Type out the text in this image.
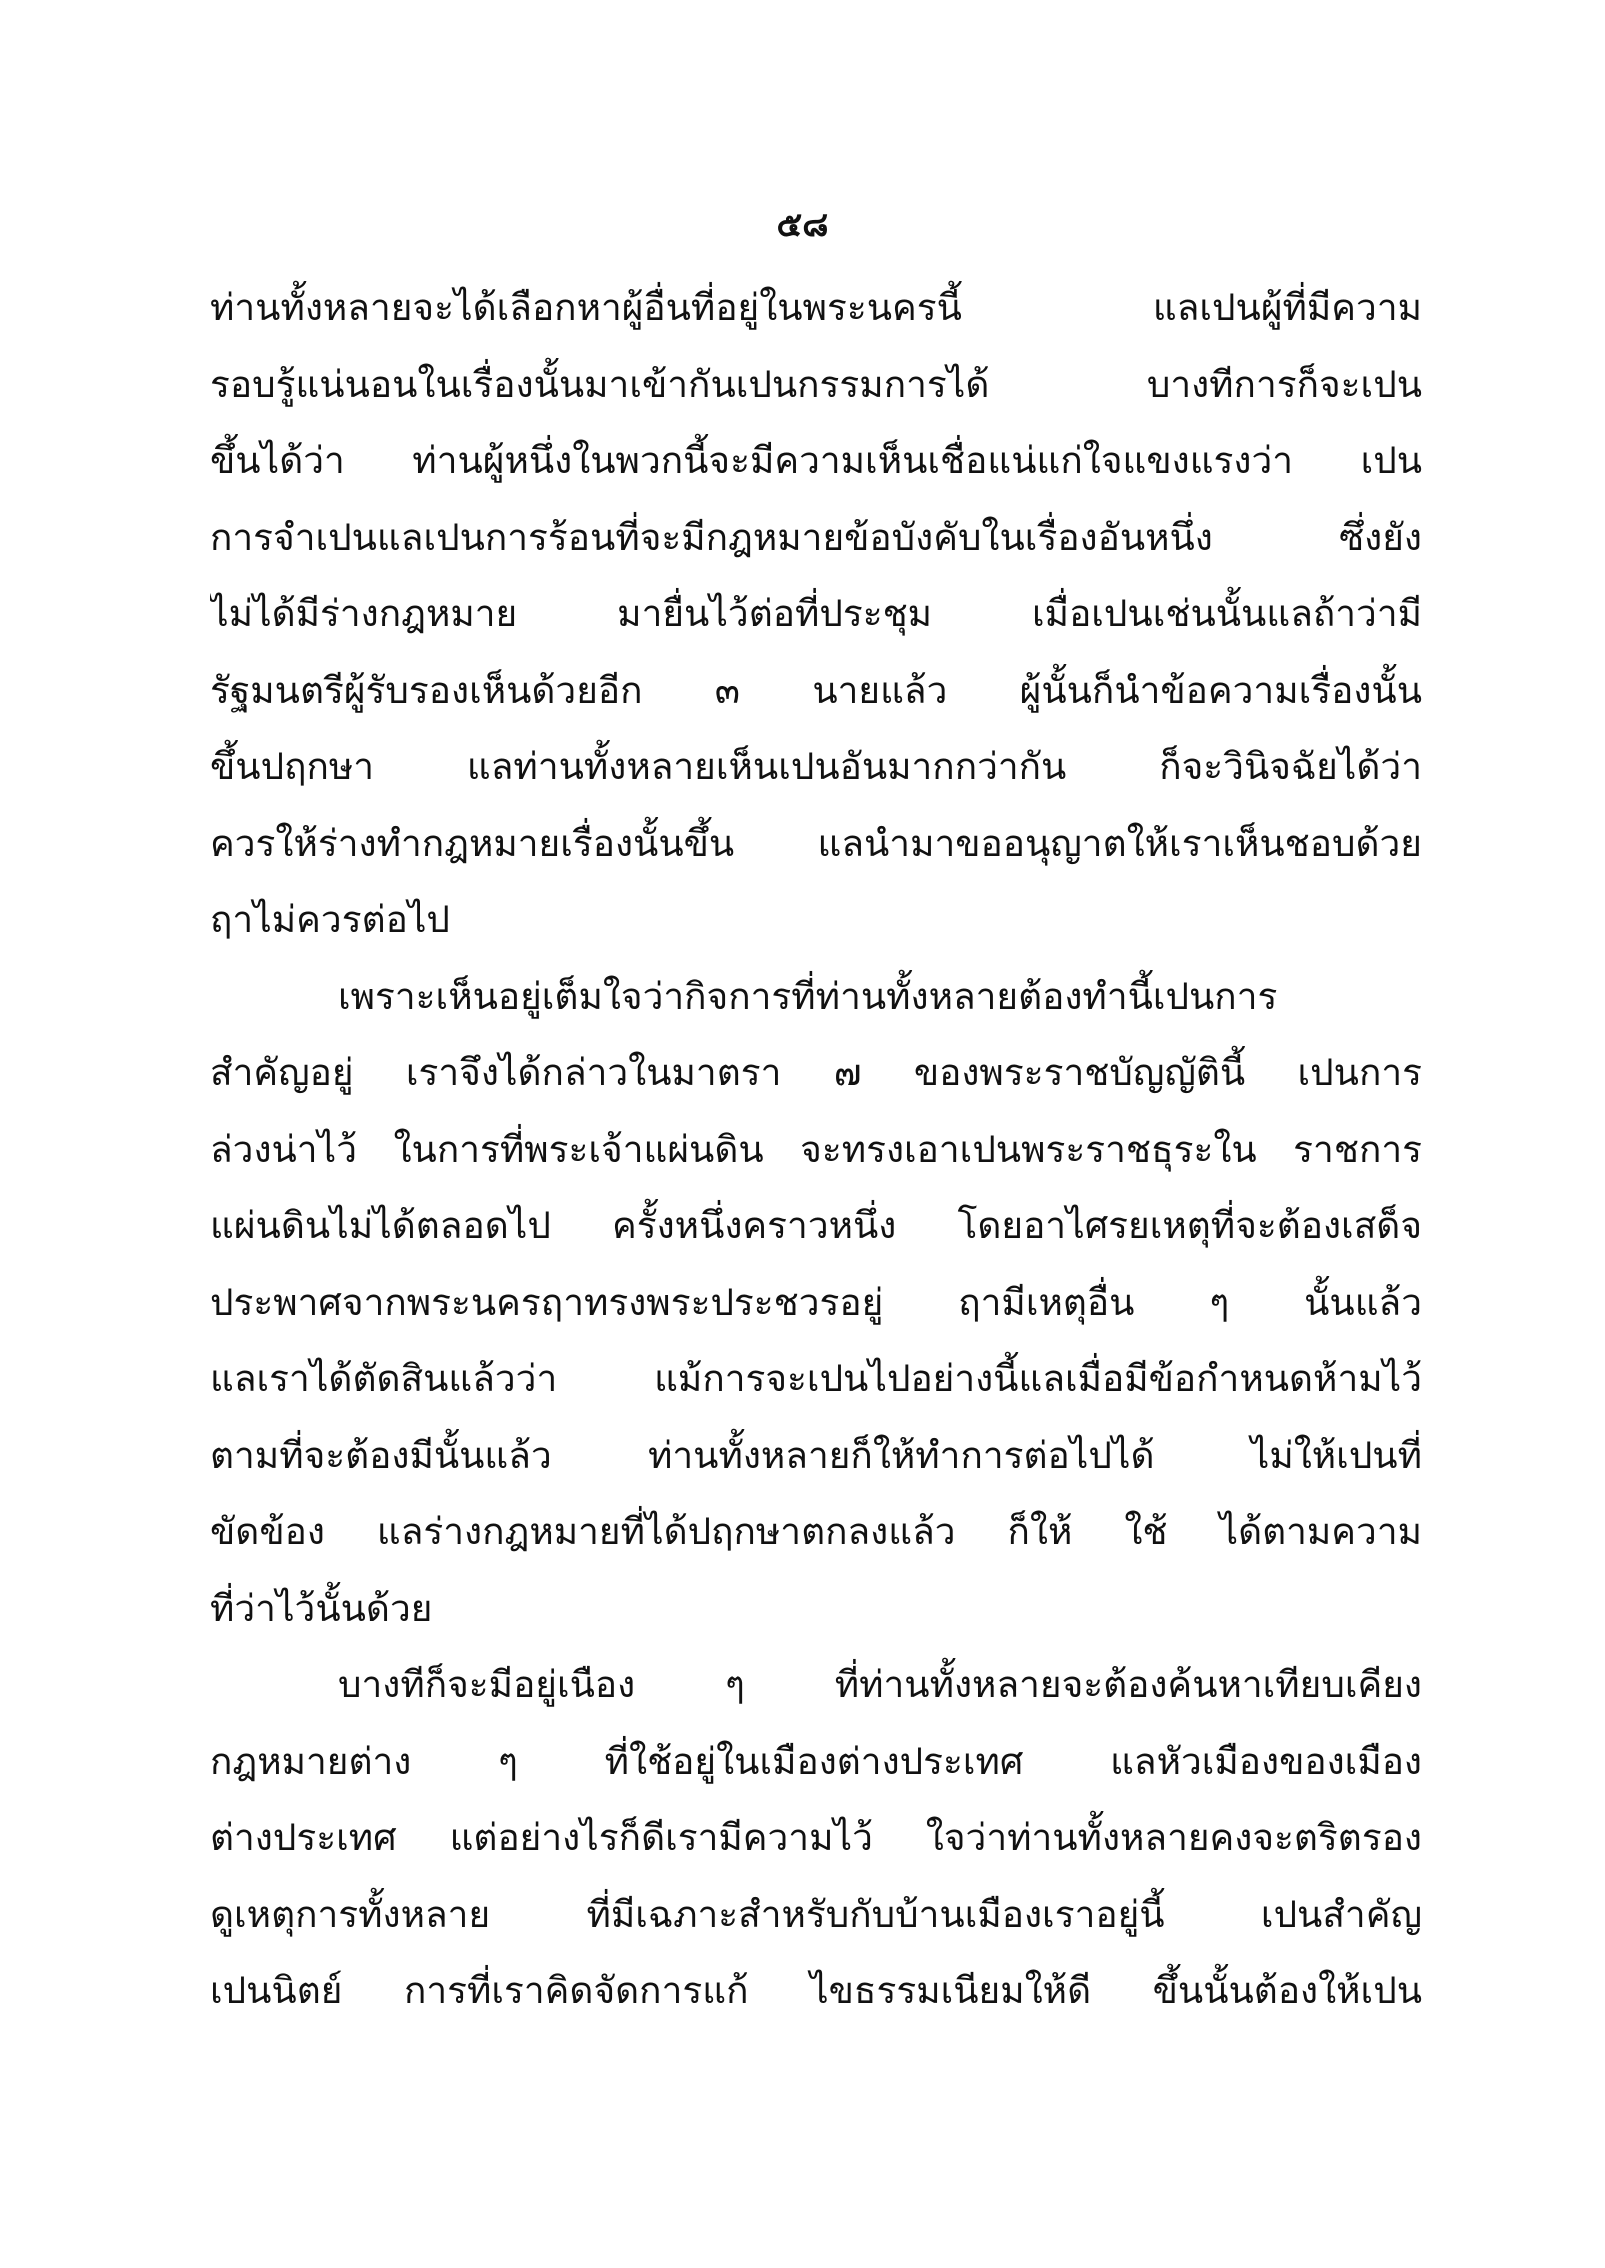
๕๘
ท่านทั้งหลายจะได้เลือกหาผู้อื่นที่อยู่ในพระนครนี้ แลเปนผู้ที่มีความ
รอบรู้แน่นอนในเรื่องนั้นมาเข้ากันเปนกรรมการได้ บางทีการก็จะเปน
ขึ้นได้ว่า ท่านผู้หนึ่งในพวกนี้จะมีความเห็นเชื่อแน่แก่ใจแขงแรงว่า เปน
การจำเปนแลเปนการร้อนที่จะมีกฎหมายข้อบังคับในเรื่องอันหนึ่ง ซึ่งยัง
ไม่ได้มีร่างกฎหมาย มายื่นไว้ต่อที่ประชุม เมื่อเปนเช่นนั้นแลถ้าว่ามี
รัฐมนตรีผู้รับรองเห็นด้วยอีก ๓ นายแล้ว ผู้นั้นก็นำข้อความเรื่องนั้น
ขึ้นปฤกษา แลท่านทั้งหลายเห็นเปนอันมากกว่ากัน ก็จะวินิจฉัยได้ว่า
ควรให้ร่างทำกฎหมายเรื่องนั้นขึ้น แลนำมาขออนุญาตให้เราเห็นชอบด้วย
ฤาไม่ควรต่อไป
เพราะเห็นอยู่เต็มใจว่ากิจการที่ท่านทั้งหลายต้องทำนี้เปนการ
สำคัญอยู่ เราจึงได้กล่าวในมาตรา ๗ ของพระราชบัญญัตินี้ เปนการ
ล่วงน่าไว้ ในการที่พระเจ้าแผ่นดิน จะทรงเอาเปนพระราชธุระใน ราชการ
แผ่นดินไม่ได้ตลอดไป ครั้งหนึ่งคราวหนึ่ง โดยอาไศรยเหตุที่จะต้องเสด็จ
ประพาศจากพระนครฤาทรงพระประชวรอยู่ ฤามีเหตุอื่น ๆ นั้นแล้ว
แลเราได้ตัดสินแล้วว่า แม้การจะเปนไปอย่างนี้แลเมื่อมีข้อกำหนดห้ามไว้
ตามที่จะต้องมีนั้นแล้ว ท่านทั้งหลายก็ให้ทำการต่อไปได้ ไม่ให้เปนที่
ขัดข้อง แลร่างกฎหมายที่ได้ปฤกษาตกลงแล้ว ก็ให้ ใช้ ได้ตามความ
ที่ว่าไว้นั้นด้วย
บางทีก็จะมีอยู่เนือง ๆ ที่ท่านทั้งหลายจะต้องค้นหาเทียบเคียง
กฎหมายต่าง ๆ ที่ใช้อยู่ในเมืองต่างประเทศ แลหัวเมืองของเมือง
ต่างประเทศ แต่อย่างไรก็ดีเรามีความไว้ ใจว่าท่านทั้งหลายคงจะตริตรอง
ดูเหตุการทั้งหลาย ที่มีเฉภาะสำหรับกับบ้านเมืองเราอยู่นี้ เปนสำคัญ
เปนนิตย์ การที่เราคิดจัดการแก้ ไขธรรมเนียมให้ดี ขึ้นนั้นต้องให้เปน
